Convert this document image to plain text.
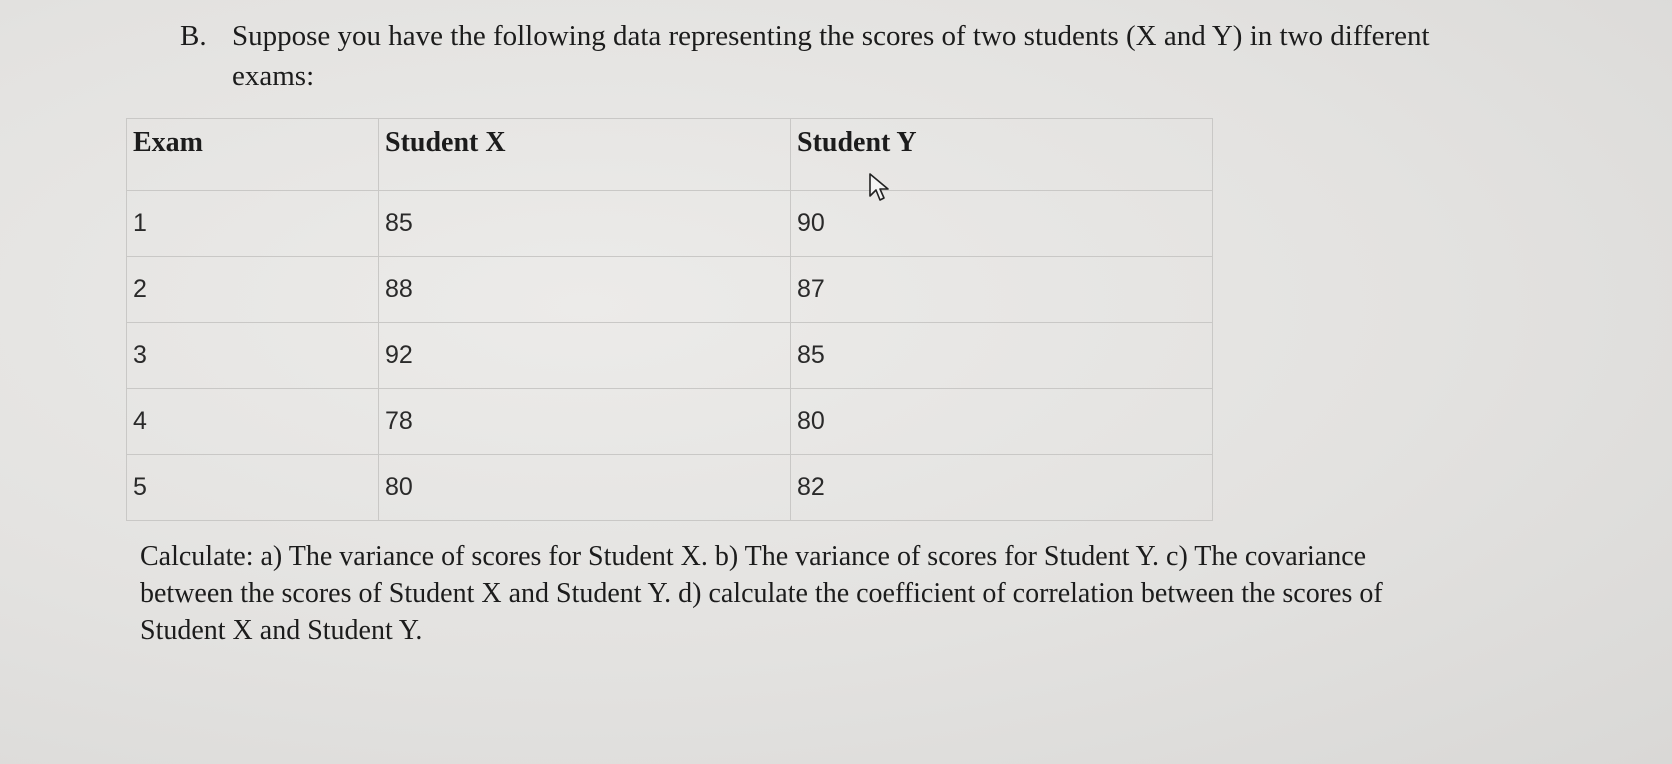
B. Suppose you have the following data representing the scores of two students (X and Y) in two different exams:
Exam	Student X	Student Y
1	85	90
2	88	87
3	92	85
4	78	80
5	80	82
Calculate: a) The variance of scores for Student X. b) The variance of scores for Student Y. c) The covariance between the scores of Student X and Student Y. d) calculate the coefficient of correlation between the scores of Student X and Student Y.
